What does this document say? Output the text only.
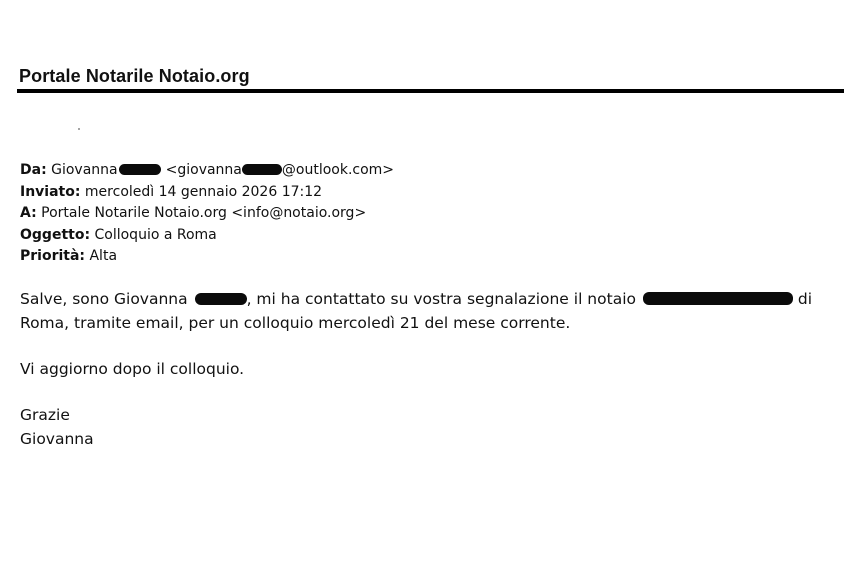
Portale Notarile Notaio.org
Da: Giovanna	<giovanna	@outlook.com>
Inviato: mercoledì 14 gennaio 2026 17:12
A: Portale Notarile Notaio.org <info@notaio.org>
Oggetto: Colloquio a Roma
Priorità: Alta

Salve, sono Giovanna	, mi ha contattato su vostra segnalazione il notaio	di
Roma, tramite email, per un colloquio mercoledì 21 del mese corrente.

Vi aggiorno dopo il colloquio.

Grazie

Giovanna
